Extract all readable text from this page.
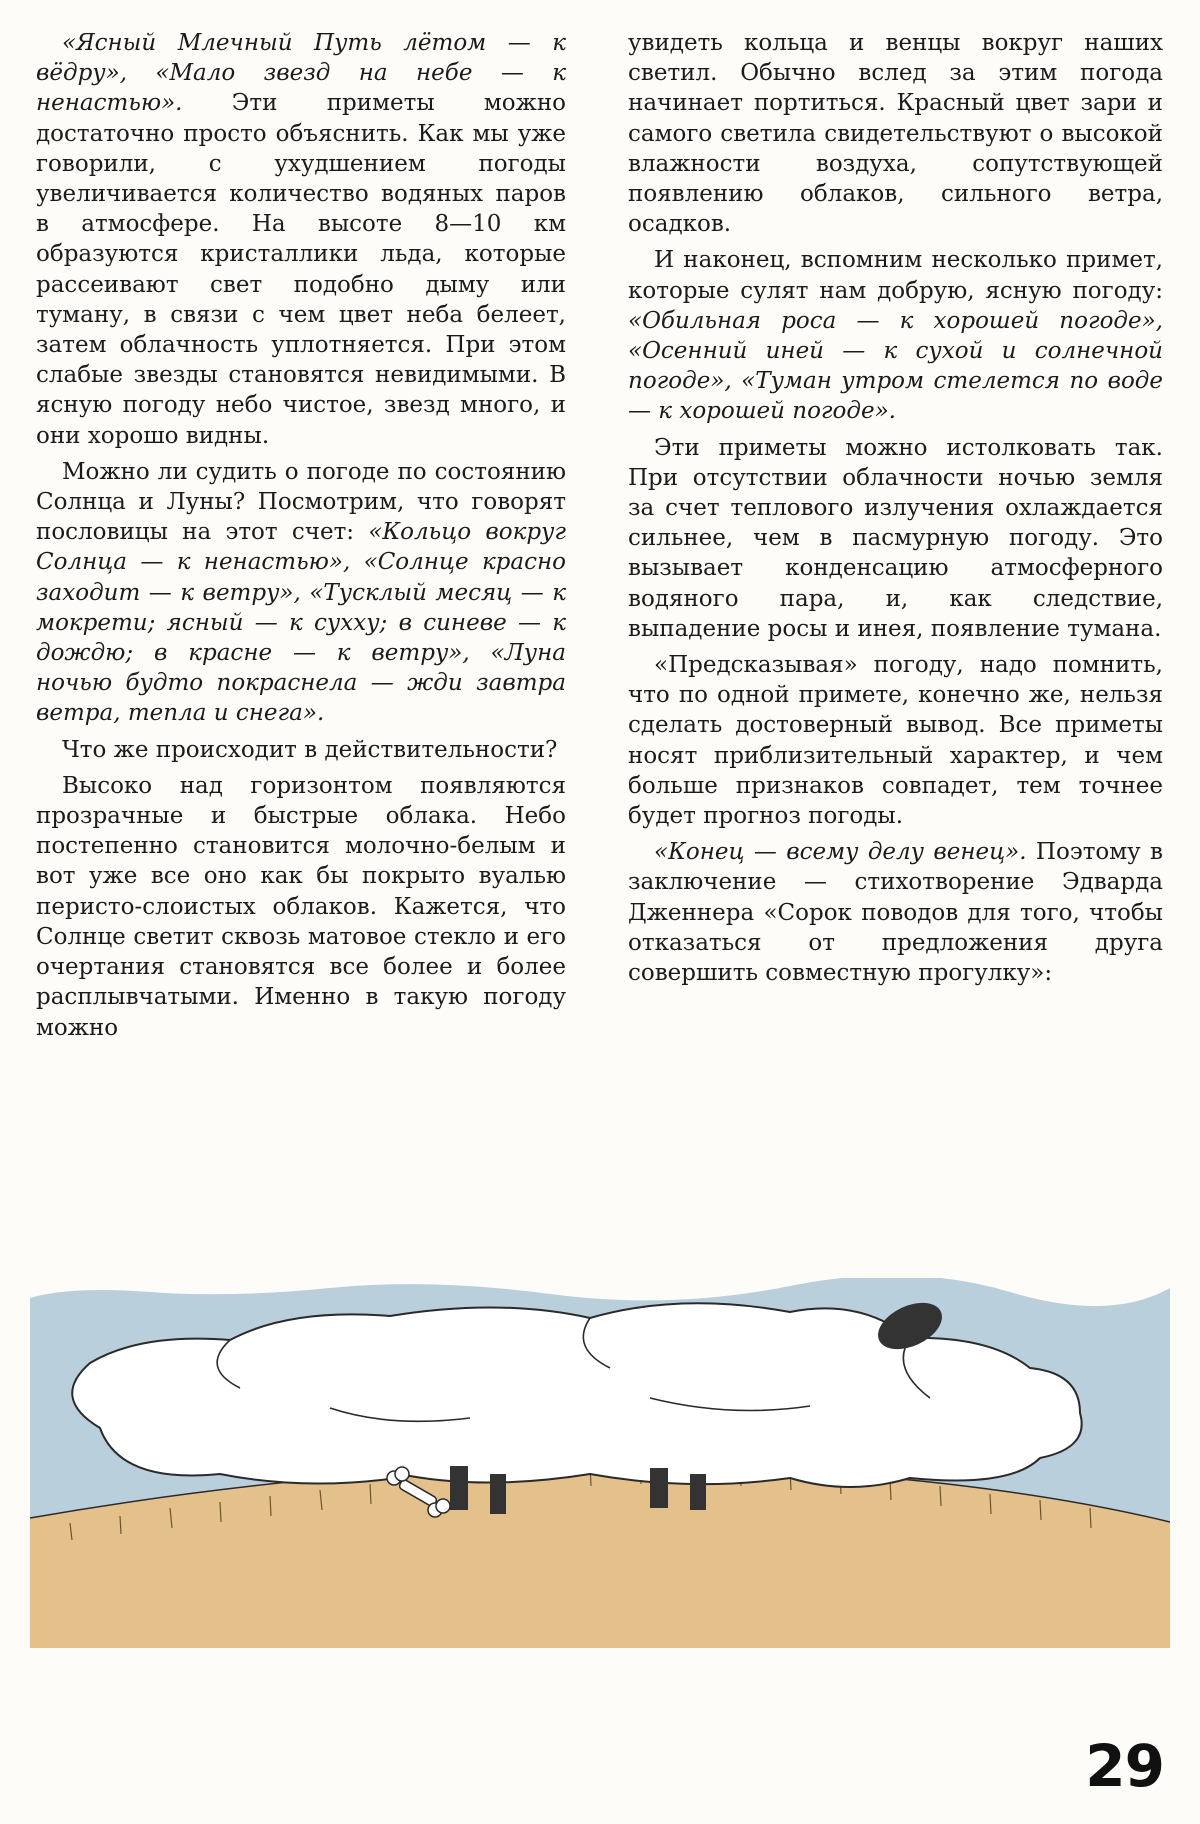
«Ясный Млечный Путь лётом — к вёдру», «Мало звезд на небе — к ненастью». Эти приметы можно достаточно просто объяснить. Как мы уже говорили, с ухудшением погоды увеличивается количество водяных паров в атмосфере. На высоте 8—10 км образуются кристаллики льда, которые рассеивают свет подобно дыму или туману, в связи с чем цвет неба белеет, затем облачность уплотняется. При этом слабые звезды становятся невидимыми. В ясную погоду небо чистое, звезд много, и они хорошо видны.

Можно ли судить о погоде по состоянию Солнца и Луны? Посмотрим, что говорят пословицы на этот счет: «Кольцо вокруг Солнца — к ненастью», «Солнце красно заходит — к ветру», «Тусклый месяц — к мокрети; ясный — к сухху; в синеве — к дождю; в красне — к ветру», «Луна ночью будто покраснела — жди завтра ветра, тепла и снега».

Что же происходит в действительности?

Высоко над горизонтом появляются прозрачные и быстрые облака. Небо постепенно становится молочно-белым и вот уже все оно как бы покрыто вуалью перисто-слоистых облаков. Кажется, что Солнце светит сквозь матовое стекло и его очертания становятся все более и более расплывчатыми. Именно в такую погоду можно

увидеть кольца и венцы вокруг наших светил. Обычно вслед за этим погода начинает портиться. Красный цвет зари и самого светила свидетельствуют о высокой влажности воздуха, сопутствующей появлению облаков, сильного ветра, осадков.

И наконец, вспомним несколько примет, которые сулят нам добрую, ясную погоду: «Обильная роса — к хорошей погоде», «Осенний иней — к сухой и солнечной погоде», «Туман утром стелется по воде — к хорошей погоде».

Эти приметы можно истолковать так. При отсутствии облачности ночью земля за счет теплового излучения охлаждается сильнее, чем в пасмурную погоду. Это вызывает конденсацию атмосферного водяного пара, и, как следствие, выпадение росы и инея, появление тумана.

«Предсказывая» погоду, надо помнить, что по одной примете, конечно же, нельзя сделать достоверный вывод. Все приметы носят приблизительный характер, и чем больше признаков совпадет, тем точнее будет прогноз погоды.

«Конец — всему делу венец». Поэтому в заключение — стихотворение Эдварда Дженнера «Сорок поводов для того, чтобы отказаться от предложения друга совершить совместную прогулку»:

29
